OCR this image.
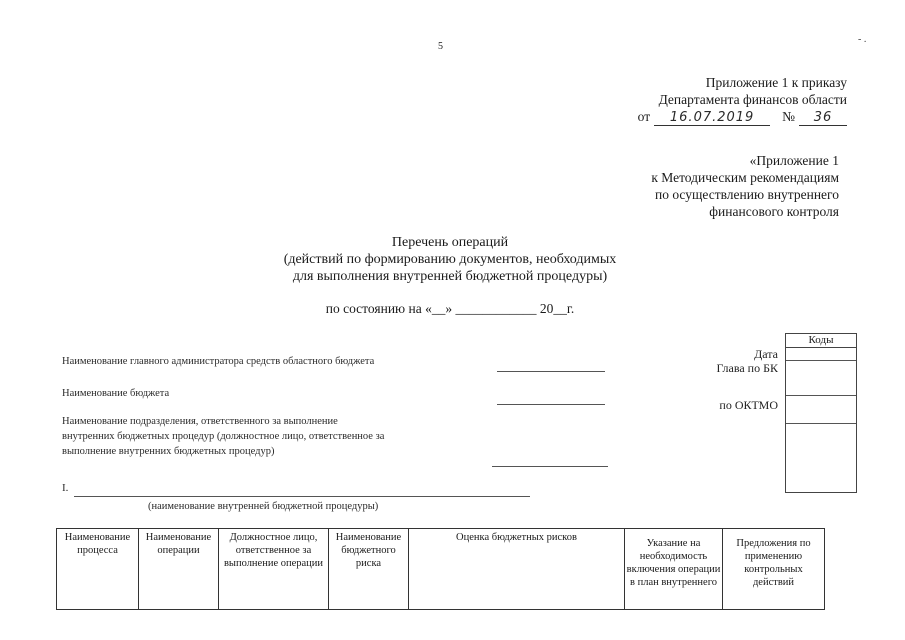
5
- .
Приложение 1 к приказу
Департамента финансов области
от	16.07.2019	№	36
«Приложение 1
к Методическим рекомендациям
по осуществлению внутреннего
финансового контроля
Перечень операций
(действий по формированию документов, необходимых
для выполнения внутренней бюджетной процедуры)
по состоянию на «__» ____________ 20__г.
Наименование главного администратора средств областного бюджета
Наименование бюджета
Наименование подразделения, ответственного за выполнение
внутренних бюджетных процедур (должностное лицо, ответственное за
выполнение внутренних бюджетных процедур)
I.
(наименование внутренней бюджетной процедуры)
Дата
Глава по БК
по ОКТМО
Коды
Наименование процесса	Наименование операции	Должностное лицо, ответственное за выполнение операции	Наименование бюджетного риска	Оценка бюджетных рисков	Указание на необходимость включения операции в план внутреннего	Предложения по применению контрольных действий
